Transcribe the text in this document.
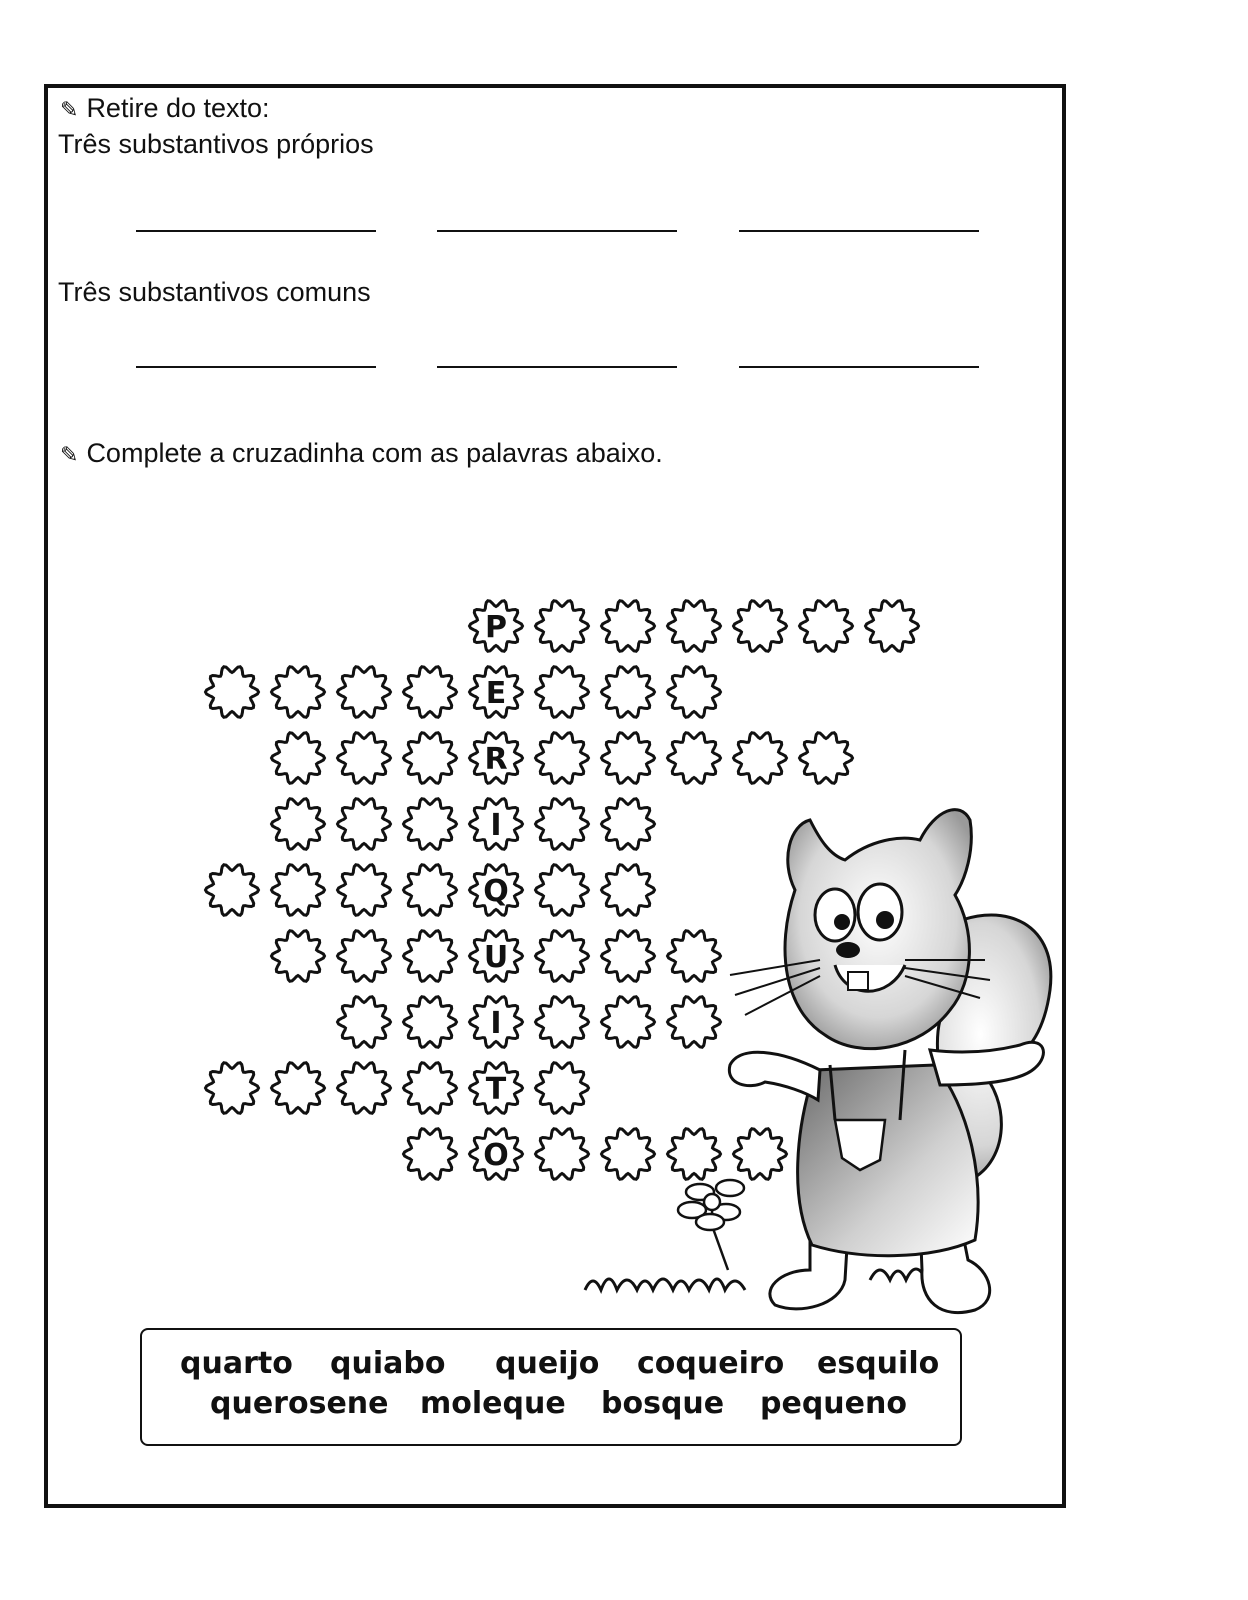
✎ Retire do texto:
Três substantivos próprios
Três substantivos comuns
✎ Complete a cruzadinha com as palavras abaixo.
P
E
R
I
Q
U
I
T
O
quarto quiabo queijo coqueiro esquilo
querosene moleque bosque pequeno
